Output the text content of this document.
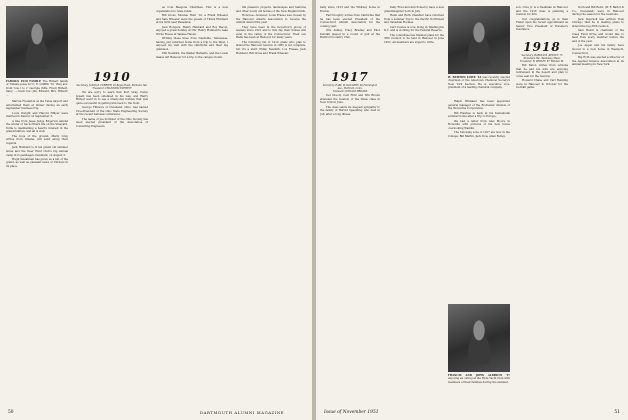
FAMOUS 1910 FAMILY: The Hilbert family of Tolleka poses for C. E. Griffith '10. They are: front row, l to r: Georgia (Mrs. Fred) Hilbert, baby; ...; back row: Jim, Edward, Mrs. Hilbert; ...

Marvin Frederick at the Tulsa airport and entertained them at dinner during an early September business trip.

Louis Dwight and Harold Hillyer were married in Denver on September 3.

A line from Jesse Judge Edgerton amidst the winter of his northern life on the Vineyard, Tollie is maintaining a heart's interest in the grandchildren, and all is well.

The boys of the ground, Marty Gray writes from Omaha, will send along their regards.

Jack Hubbard is in his grand old summer home and the Deer Hunt Club's big annual camp in Copenhagen, Denmark, on August 3.

Hugh Sweatman has given us a list of the grand, as well as pleasant news of 1910ers in its place.

1910
Secretary, LOUIS P. CURRIER, 22 Bayes Road, Portland, Me.
Treasurer, CHANNING EVERETT

We are sorry to learn that Kurt Gray, Carey Jewett has been sidelined in his way, and Harry Hillyer went in to see a ninety-day holiday that was quite successful in getting him back to the front.

George Fillmore of Cleveland, Ohio, was named Vice-President of the Ohio State Engineering Society at the recent national conference.

The name of Joe Scribner of the Ohio Society has been elected president of the Association of Consulting Engineers.

as Cole Beagone Chairman. This is a new organization to raise funds.

Bill Gross, Monnie Hunt '10, a Frank Wheeler and Sam Wheeler were the guests of Tilden Hubbard at his farm near Pasadena.

Jack Rodgers, Henry Hubbard and Roy Bacon, enjoyed a great holiday at Ole' Henry Hubbard's Lake Wicks House at Yankee Haven.

Writing these lines from Nashville, Tennessee, having just returned home from a trip to the West, I enjoyed my visit with the Gillchicks and their big grandson.

Phil Newkirk, the Walker Barnetts, and the Lewis Oakes left Hanover for a trip to the campus in fall.

life pleasure projects, landscapes and features and other lovely old homes of the New England hills.

Honoree—however, Louis Frazee was chosen by the Hanover Alumni Association to receive the Alumni Award this year.

They have been in the Governor's group of leaders since 1921 and to this day their homes still exist in the valley of the Connecticut. Their son Hank has been at Hanover for many years.

The following list of 1910 grads who plan to attend the Hanover reunion in 1955 is not complete, but it's a start: Philip Newkirk, Lou Frazee, Jack Hubbard, Bill Gross and Frank Wheeler.

50	DARTMOUTH ALUMNI MAGAZINE

bally since 1913 and the Whitney home in Boston.

Earl Doughty writes from California that he has been elected President of the Connecticut Alumni Association for the coming year.

Otis Ashley, Tracy Bradley and Eliot Kendall played in a round of golf at the Hartford Country Club.

1917
Secretary, EARL W. DOUGHTY, 46 Farmington Ave., Hartford, Conn.
Treasurer, DONALD BROOKS

Ted Moody, Carl Flint and Win Brown attended the reunion of the Shaw class in New York in June.

The class sends its deepest sympathy to the family of Harold Spaulding who died in July after a long illness.

Kelly Fred and Ann Pomeroy have a new granddaughter born in July.

Hank and Ruth Chandler have returned from a summer trip to the Pacific Northwest and Canadian Rockies.

Carl Cowles is now living in Washington D.C. and is working for the Federal Reserve.

The committee has finished plans for the 35th reunion to be held in Hanover in June 1952. All members are urged to write.

H. BURTON LOWE '16 was recently elected chairman of the American Chemical Society's New York Section. He is executive vice-president of a leading chemical company.

Ralph Whitaker has been appointed general manager of the Rochester division of the Wolverine Corporation.

Bill Hawkes is back at his Kennebunk summer home after a trip to Europe.

We had a letter from Alex Moore in Honolulu with pictures of his new house overlooking Waikiki.

The following sons of 1917 are now in the College: Bill Martin, Jack Dow, Allen Farley.

FRANCIS AND JOHN ALDRICH '17 enjoying an outing at the Ryde Yacht Club with members of their families during the summer.

son. Note Jr. is a freshman at Hanover and the 1918 class is planning a reunion for him.

Our congratulations go to Paul Fuller upon his recent appointment as Senior Vice President of Traveler's Insurance.

1918
Secretary, HAROLD B. KEELEY, 75 Stoneham Rd., Wellesley, Mass.
Treasurer, R. PEDLEY, 87 Windsor Pl.

Bill Eaton writes from Arizona that he and his wife are enjoying retirement in the desert and plan to come east for the reunion.

Howard Chase and Carl Benning were in Hanover in October for the football game.

Dorn and Bill Reitz, (W. F. Bartol & Co., Cleveland) were in Hanover during the season for the reunions.

Jack Ingersoll has written from Chicago that he is making plans to attend the big 35th reunion.

Sam Hatch is chairman of the Class Fund Drive and would like to hear from every member before the end of the year.

Joe Appel and his family have moved to a new home in Westport, Connecticut.

Big Eyth was elected a Director of the Applied Science Association at its annual meeting in New York.

Issue of November 1951	51
